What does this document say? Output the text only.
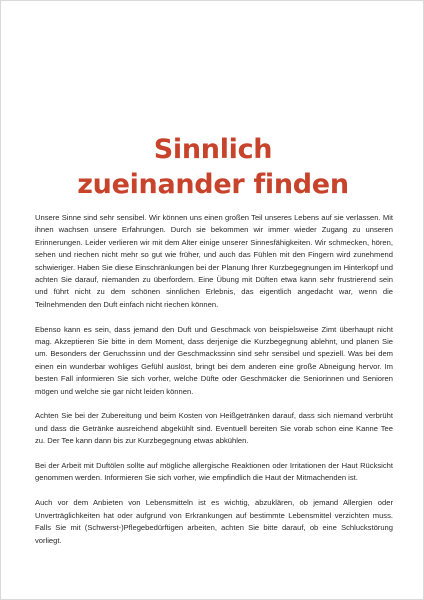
Sinnlich
zueinander finden

Unsere Sinne sind sehr sensibel. Wir können uns einen großen Teil unseres Lebens auf sie verlassen. Mit ihnen wachsen unsere Erfahrungen. Durch sie bekommen wir immer wieder Zugang zu unseren Erinnerungen. Leider verlieren wir mit dem Alter einige unserer Sinnesfähigkeiten. Wir schmecken, hören, sehen und riechen nicht mehr so gut wie früher, und auch das Fühlen mit den Fingern wird zunehmend schwieriger. Haben Sie diese Einschränkungen bei der Planung Ihrer Kurzbegegnungen im Hinterkopf und achten Sie darauf, niemanden zu überfordern. Eine Übung mit Düften etwa kann sehr frustrierend sein und führt nicht zu dem schönen sinnlichen Erlebnis, das eigentlich angedacht war, wenn die Teilnehmenden den Duft einfach nicht riechen können.

Ebenso kann es sein, dass jemand den Duft und Geschmack von beispielsweise Zimt überhaupt nicht mag. Akzeptieren Sie bitte in dem Moment, dass derjenige die Kurzbegegnung ablehnt, und planen Sie um. Besonders der Geruchssinn und der Geschmackssinn sind sehr sensibel und speziell. Was bei dem einen ein wunderbar wohliges Gefühl auslöst, bringt bei dem anderen eine große Abneigung hervor. Im besten Fall informieren Sie sich vorher, welche Düfte oder Geschmäcker die Seniorinnen und Senioren mögen und welche sie gar nicht leiden können.

Achten Sie bei der Zubereitung und beim Kosten von Heißgetränken darauf, dass sich niemand verbrüht und dass die Getränke ausreichend abgekühlt sind. Eventuell bereiten Sie vorab schon eine Kanne Tee zu. Der Tee kann dann bis zur Kurzbegegnung etwas abkühlen.

Bei der Arbeit mit Duftölen sollte auf mögliche allergische Reaktionen oder Irritationen der Haut Rücksicht genommen werden. Informieren Sie sich vorher, wie empfindlich die Haut der Mitmachenden ist.

Auch vor dem Anbieten von Lebensmitteln ist es wichtig, abzuklären, ob jemand Allergien oder Unverträglichkeiten hat oder aufgrund von Erkrankungen auf bestimmte Lebensmittel verzichten muss. Falls Sie mit (Schwerst-)Pflegebedürftigen arbeiten, achten Sie bitte darauf, ob eine Schluckstörung vorliegt.
